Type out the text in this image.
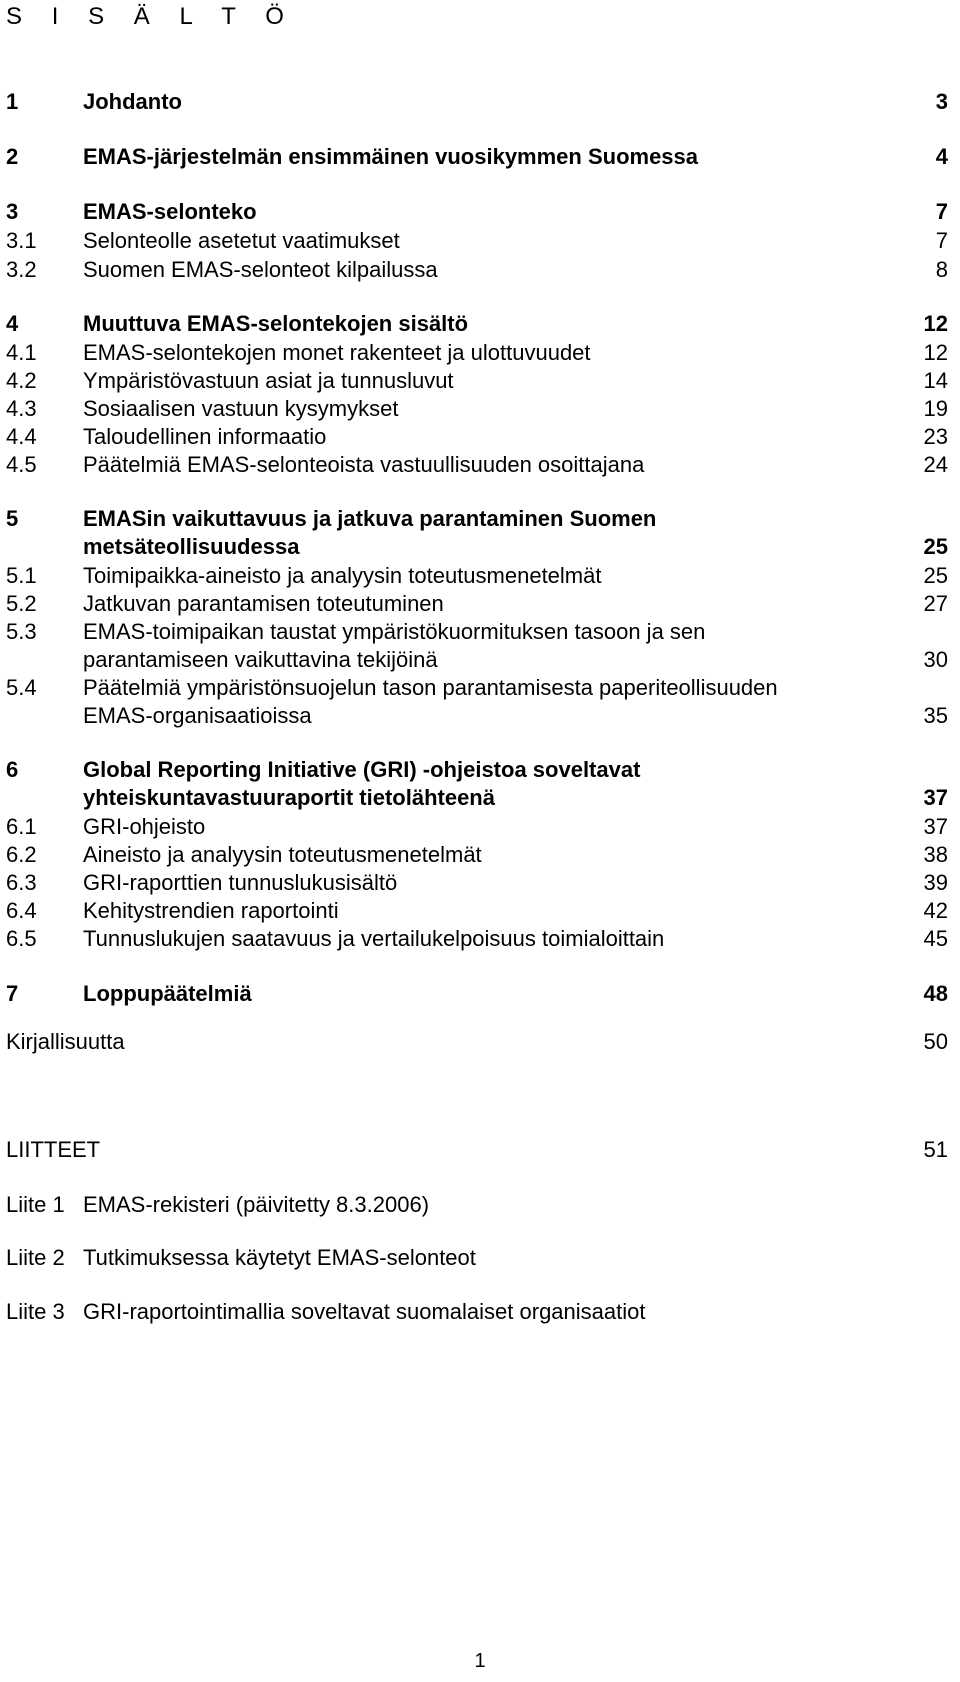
S I S Ä L T Ö
1	Johdanto	3
2	EMAS-järjestelmän ensimmäinen vuosikymmen Suomessa	4
3	EMAS-selonteko	7
3.1 Selonteolle asetetut vaatimukset	7
3.2 Suomen EMAS-selonteot kilpailussa	8
4	Muuttuva EMAS-selontekojen sisältö	12
4.1 EMAS-selontekojen monet rakenteet ja ulottuvuudet	12
4.2 Ympäristövastuun asiat ja tunnusluvut	14
4.3 Sosiaalisen vastuun kysymykset	19
4.4 Taloudellinen informaatio	23
4.5 Päätelmiä EMAS-selonteoista vastuullisuuden osoittajana	24
5	EMASin vaikuttavuus ja jatkuva parantaminen Suomen
metsäteollisuudessa	25
5.1 Toimipaikka-aineisto ja analyysin toteutusmenetelmät	25
5.2 Jatkuvan parantamisen toteutuminen	27
5.3 EMAS-toimipaikan taustat ympäristökuormituksen tasoon ja sen
parantamiseen vaikuttavina tekijöinä	30
5.4 Päätelmiä ympäristönsuojelun tason parantamisesta paperiteollisuuden
EMAS-organisaatioissa	35
6	Global Reporting Initiative (GRI) -ohjeistoa soveltavat
yhteiskuntavastuuraportit tietolähteenä	37
6.1 GRI-ohjeisto	37
6.2 Aineisto ja analyysin toteutusmenetelmät	38
6.3 GRI-raporttien tunnuslukusisältö	39
6.4 Kehitystrendien raportointi	42
6.5 Tunnuslukujen saatavuus ja vertailukelpoisuus toimialoittain	45
7	Loppupäätelmiä	48
Kirjallisuutta	50
LIITTEET	51
Liite 1 EMAS-rekisteri (päivitetty 8.3.2006)
Liite 2 Tutkimuksessa käytetyt EMAS-selonteot
Liite 3 GRI-raportointimallia soveltavat suomalaiset organisaatiot
1
